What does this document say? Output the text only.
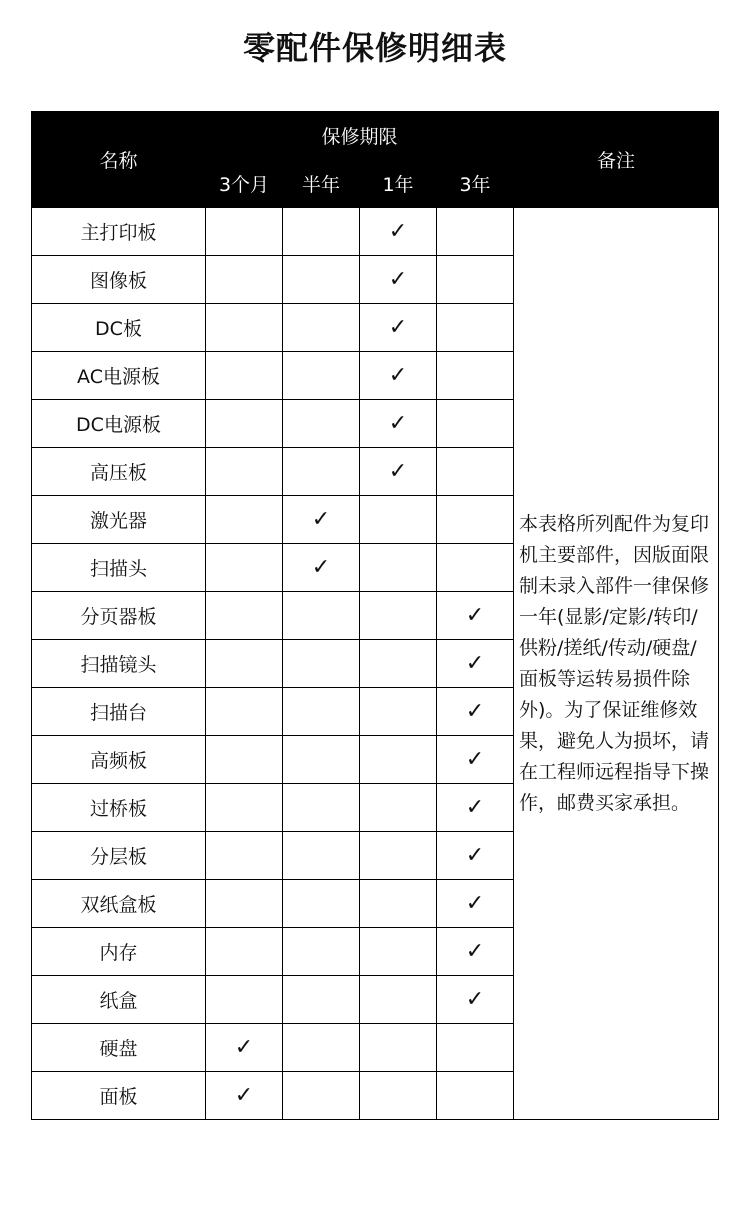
零配件保修明细表
名称	保修期限				备注
	3个月	半年	1年	3年	
主打印板			✓		本表格所列配件为复印机主要部件，因版面限制未录入部件一律保修一年(显影/定影/转印/供粉/搓纸/传动/硬盘/面板等运转易损件除外)。为了保证维修效果，避免人为损坏，请在工程师远程指导下操作，邮费买家承担。
图像板			✓		
DC板			✓		
AC电源板			✓		
DC电源板			✓		
高压板			✓		
激光器		✓			
扫描头		✓			
分页器板				✓	
扫描镜头				✓	
扫描台				✓	
高频板				✓	
过桥板				✓	
分层板				✓	
双纸盒板				✓	
内存				✓	
纸盒				✓	
硬盘	✓				
面板	✓				
